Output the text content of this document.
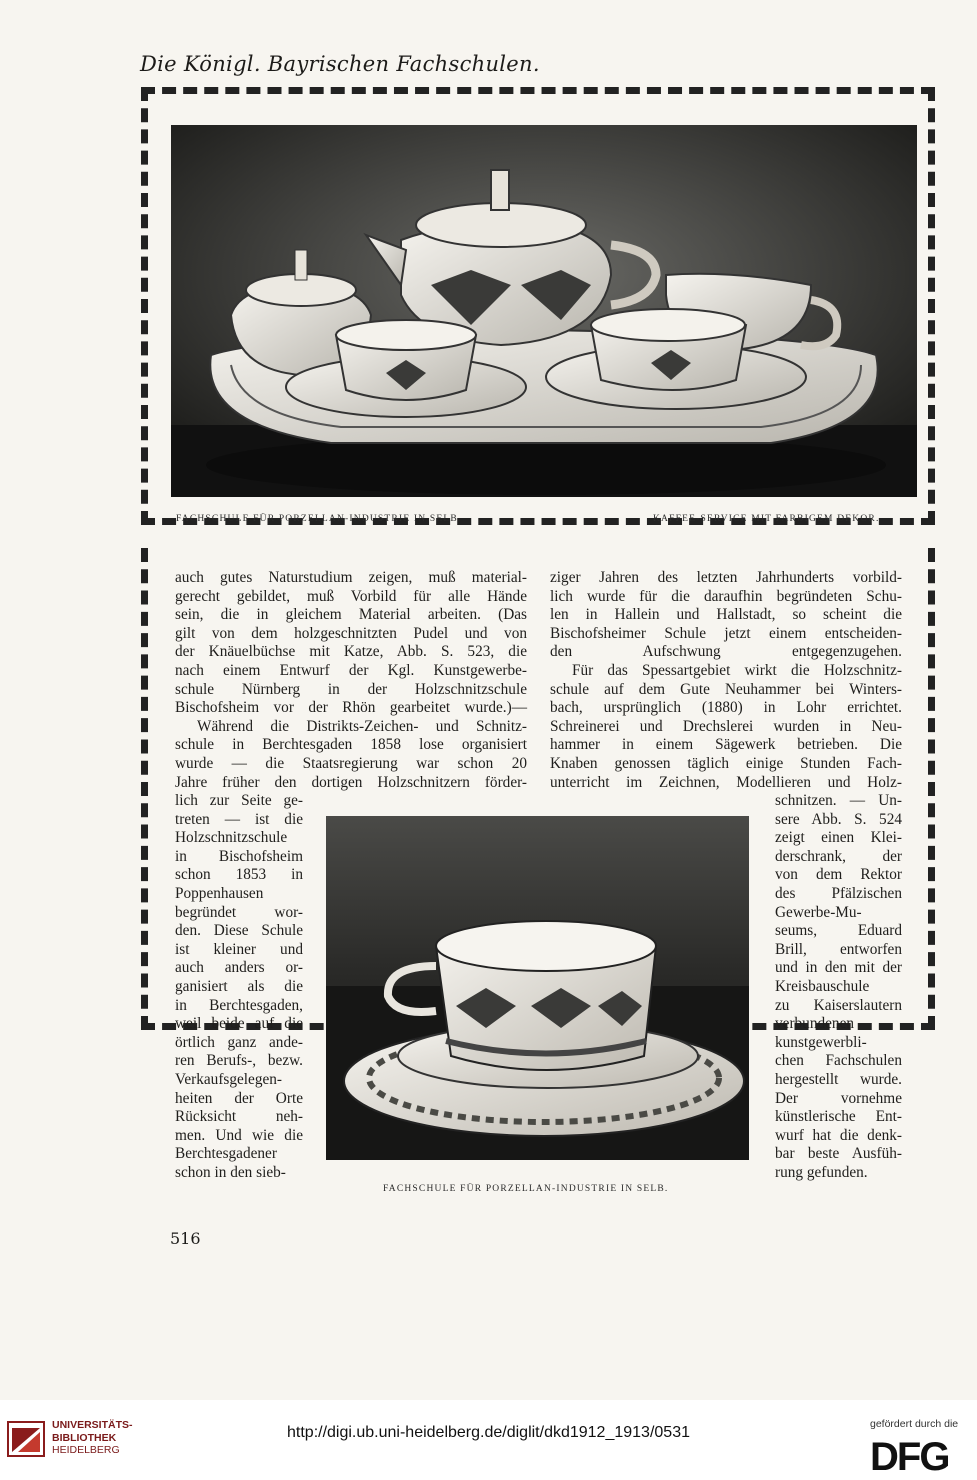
Die Königl. Bayrischen Fachschulen.
FACHSCHULE FÜR PORZELLAN-INDUSTRIE IN SELB.	KAFFEE-SERVICE MIT FARBIGEM DEKOR.
auch gutes Naturstudium zeigen, muß material-
gerecht gebildet, muß Vorbild für alle Hände
sein, die in gleichem Material arbeiten. (Das
gilt von dem holzgeschnitzten Pudel und von
der Knäuelbüchse mit Katze, Abb. S. 523, die
nach einem Entwurf der Kgl. Kunstgewerbe-
schule Nürnberg in der Holzschnitzschule
Bischofsheim vor der Rhön gearbeitet wurde.)—
Während die Distrikts-Zeichen- und Schnitz-
schule in Berchtesgaden 1858 lose organisiert
wurde — die Staatsregierung war schon 20
Jahre früher den dortigen Holzschnitzern förder-
ziger Jahren des letzten Jahrhunderts vorbild-
lich wurde für die daraufhin begründeten Schu-
len in Hallein und Hallstadt, so scheint die
Bischofsheimer Schule jetzt einem entscheiden-
den Aufschwung entgegenzugehen.
Für das Spessartgebiet wirkt die Holzschnitz-
schule auf dem Gute Neuhammer bei Winters-
bach, ursprünglich (1880) in Lohr errichtet.
Schreinerei und Drechslerei wurden in Neu-
hammer in einem Sägewerk betrieben. Die
Knaben genossen täglich einige Stunden Fach-
unterricht im Zeichnen, Modellieren und Holz-
lich zur Seite ge-
treten — ist die
Holzschnitzschule
in Bischofsheim
schon 1853 in
Poppenhausen
begründet wor-
den. Diese Schule
ist kleiner und
auch anders or-
ganisiert als die
in Berchtesgaden,
weil beide auf die
örtlich ganz ande-
ren Berufs-, bezw.
Verkaufsgelegen-
heiten der Orte
Rücksicht neh-
men. Und wie die
Berchtesgadener
schon in den sieb-
schnitzen. — Un-
sere Abb. S. 524
zeigt einen Klei-
derschrank, der
von dem Rektor
des Pfälzischen
Gewerbe-Mu-
seums, Eduard
Brill, entworfen
und in den mit der
Kreisbauschule
zu Kaiserslautern
verbundenen
kunstgewerbli-
chen Fachschulen
hergestellt wurde.
Der vornehme
künstlerische Ent-
wurf hat die denk-
bar beste Ausfüh-
rung gefunden.
FACHSCHULE FÜR PORZELLAN-INDUSTRIE IN SELB.
516
UNIVERSITÄTS-
BIBLIOTHEK
HEIDELBERG
http://digi.ub.uni-heidelberg.de/diglit/dkd1912_1913/0531	gefördert durch die
DFG
